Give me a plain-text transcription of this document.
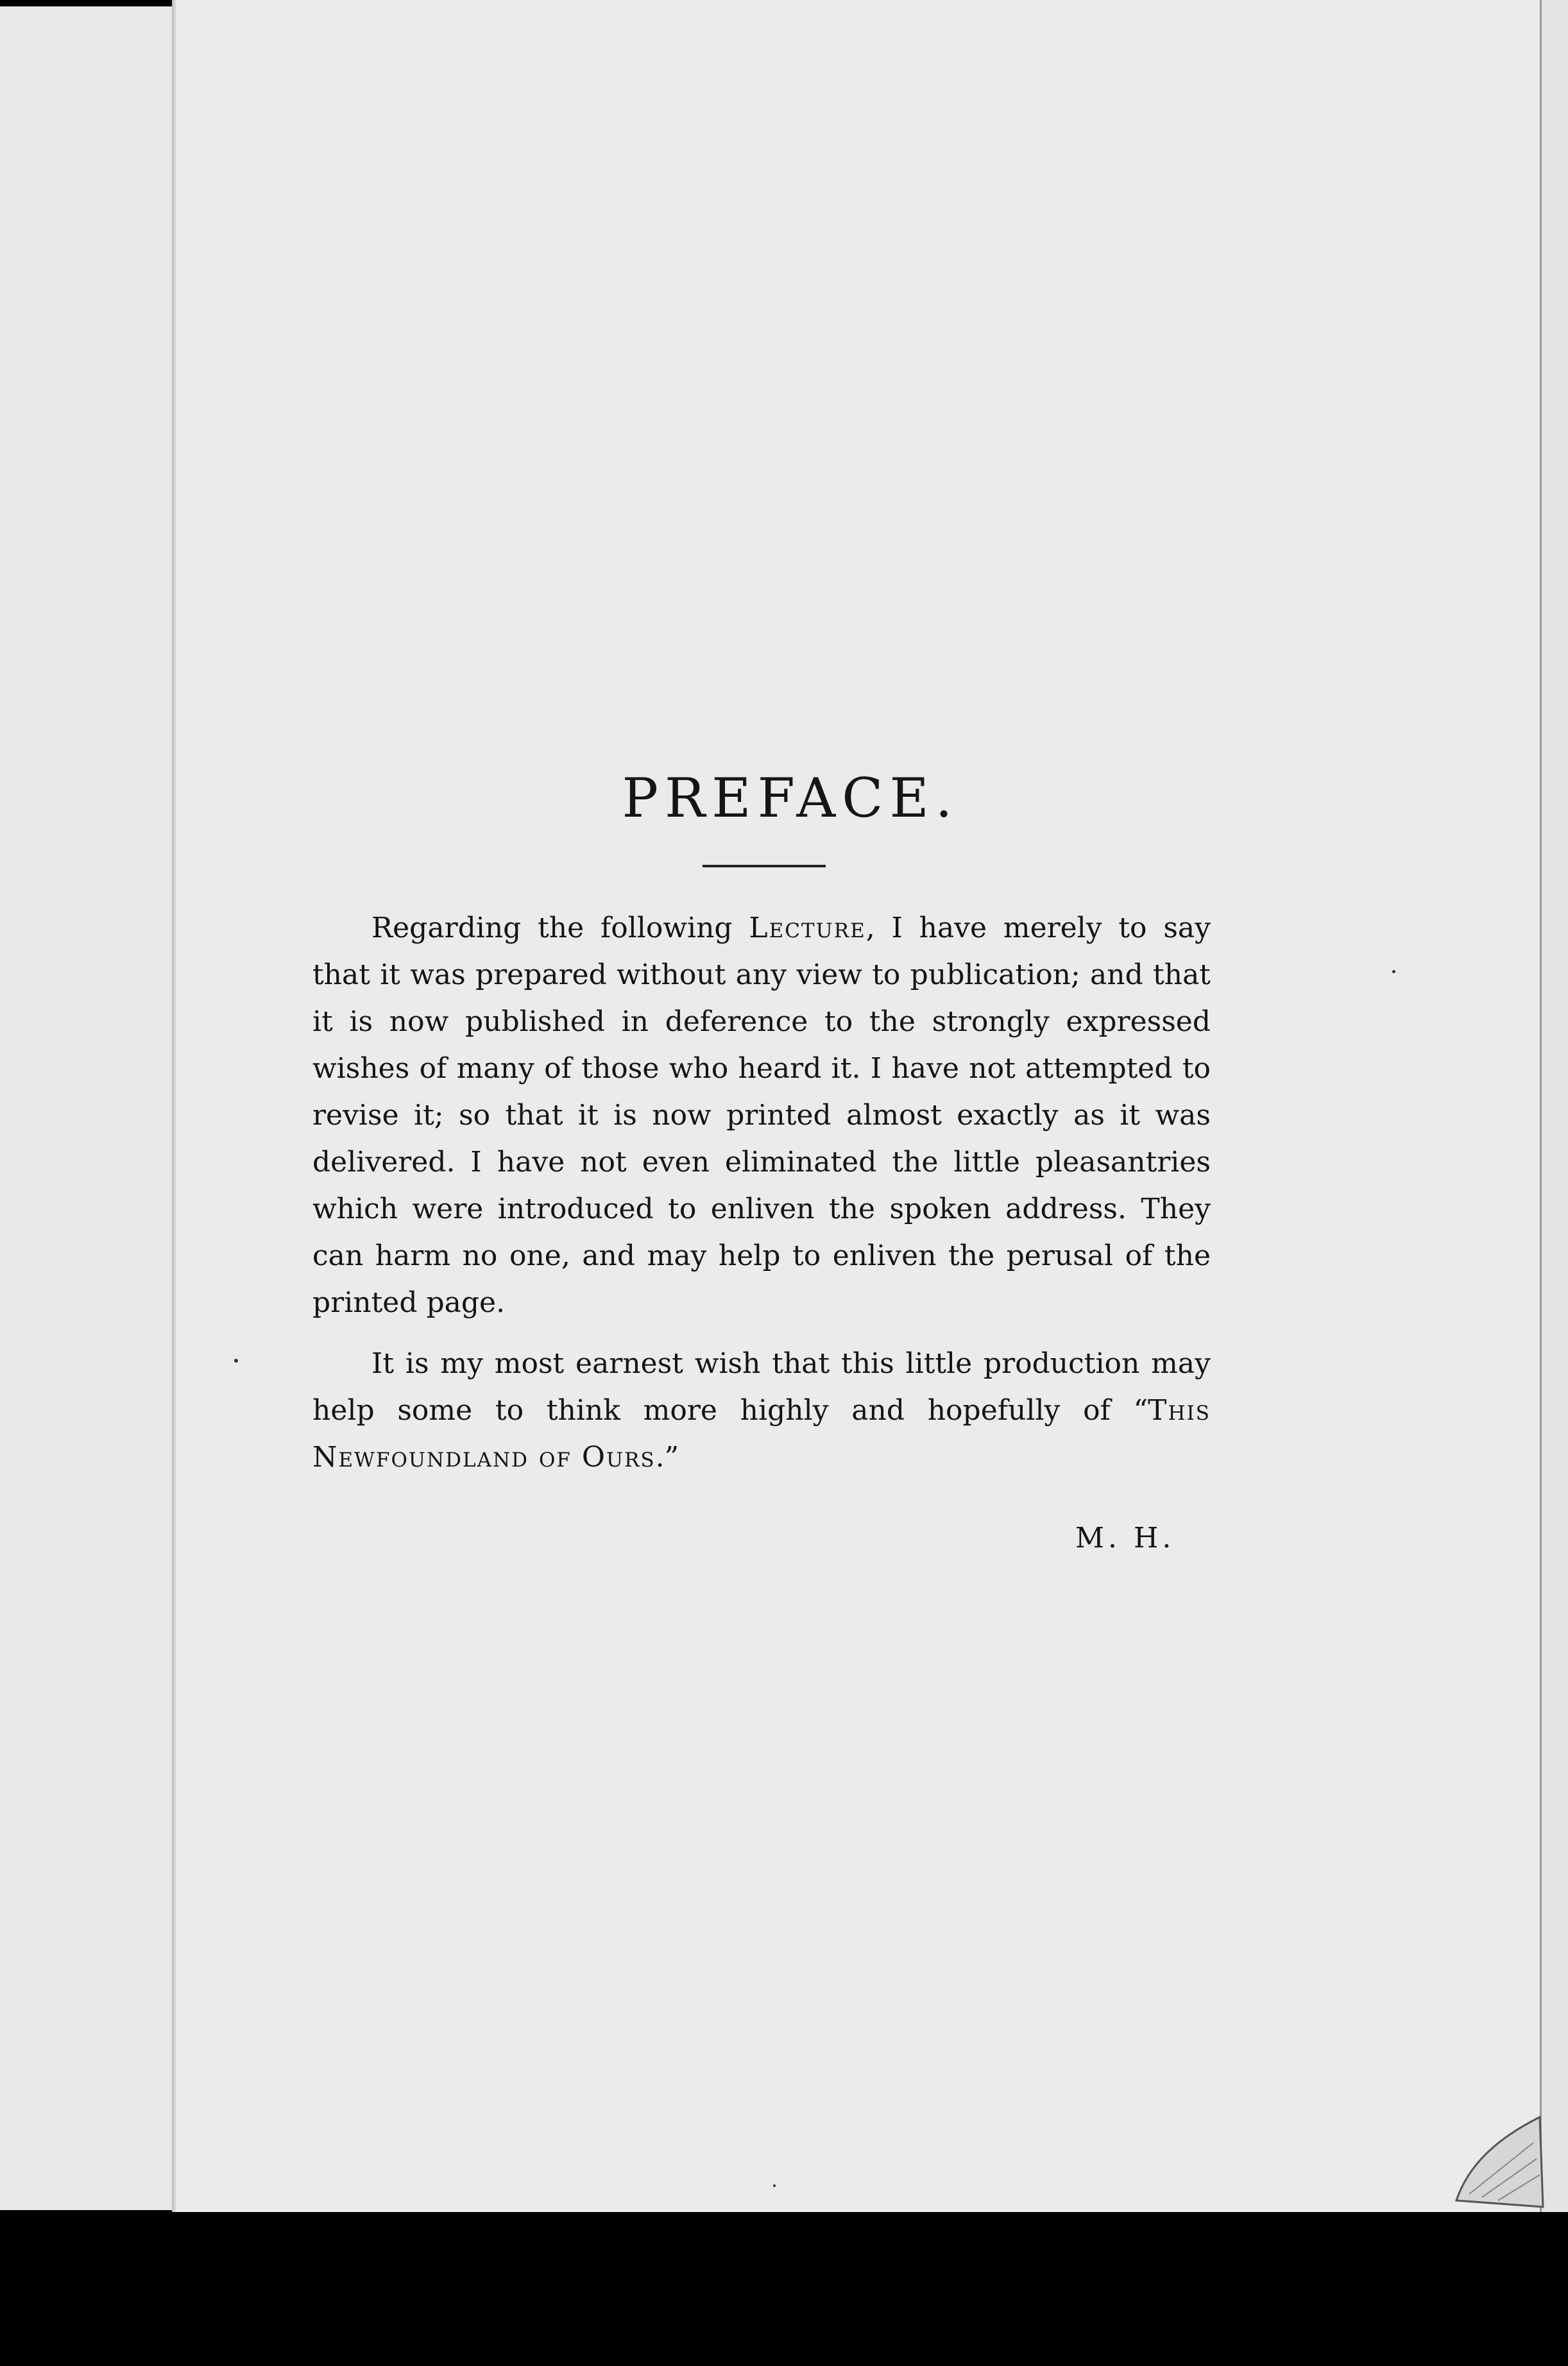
PREFACE.

Regarding the following Lecture, I have merely to say that it was prepared without any view to publication; and that it is now published in deference to the strongly expressed wishes of many of those who heard it. I have not attempted to revise it; so that it is now printed almost exactly as it was delivered. I have not even eliminated the little pleasantries which were introduced to enliven the spoken address. They can harm no one, and may help to enliven the perusal of the printed page.

It is my most earnest wish that this little production may help some to think more highly and hopefully of “This Newfoundland of Ours.”

M. H.
